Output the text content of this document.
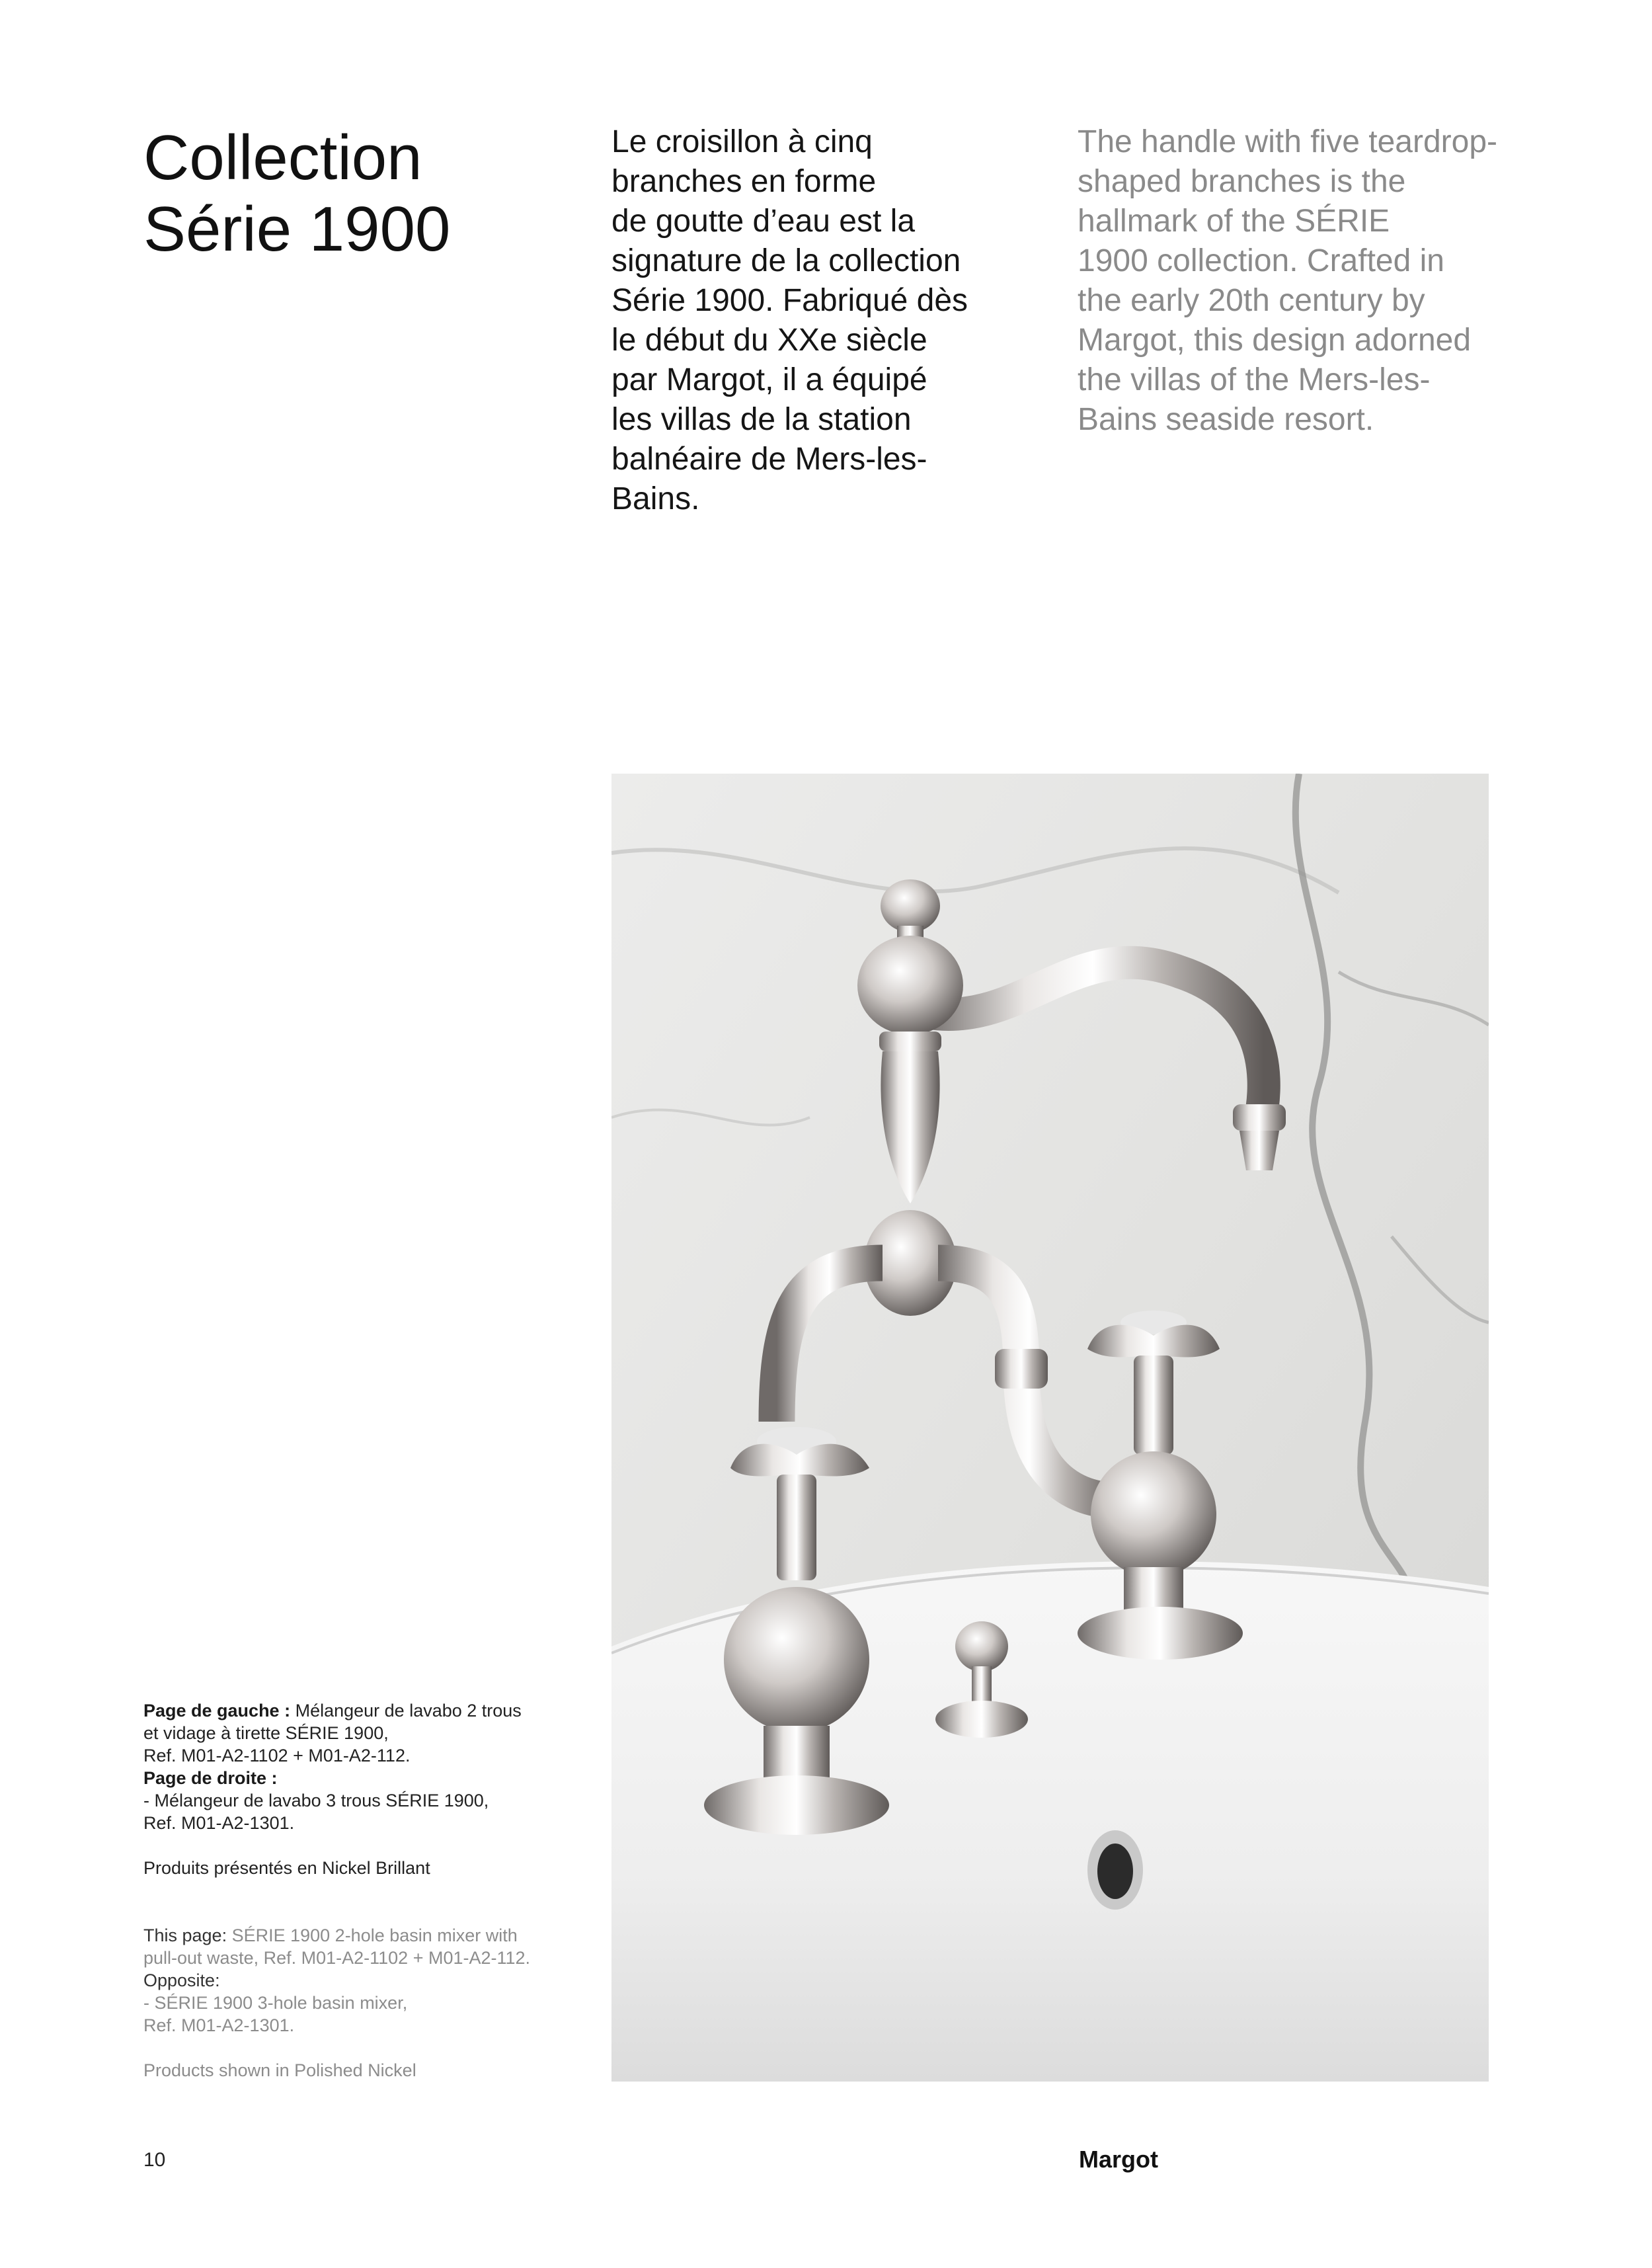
Collection
Série 1900
Le croisillon à cinq
branches en forme
de goutte d’eau est la
signature de la collection
Série 1900. Fabriqué dès
le début du XXe siècle
par Margot, il a équipé
les villas de la station
balnéaire de Mers-les-
Bains.
The handle with five teardrop-
shaped branches is the
hallmark of the SÉRIE
1900 collection. Crafted in
the early 20th century by
Margot, this design adorned
the villas of the Mers-les-
Bains seaside resort.
Page de gauche : Mélangeur de lavabo 2 trous
et vidage à tirette SÉRIE 1900,
Ref. M01-A2-1102 + M01-A2-112.
Page de droite :
- Mélangeur de lavabo 3 trous SÉRIE 1900,
Ref. M01-A2-1301.
Produits présentés en Nickel Brillant
This page: SÉRIE 1900 2-hole basin mixer with
pull-out waste, Ref. M01-A2-1102 + M01-A2-112.
Opposite:
- SÉRIE 1900 3-hole basin mixer,
Ref. M01-A2-1301.
Products shown in Polished Nickel
10	Margot
